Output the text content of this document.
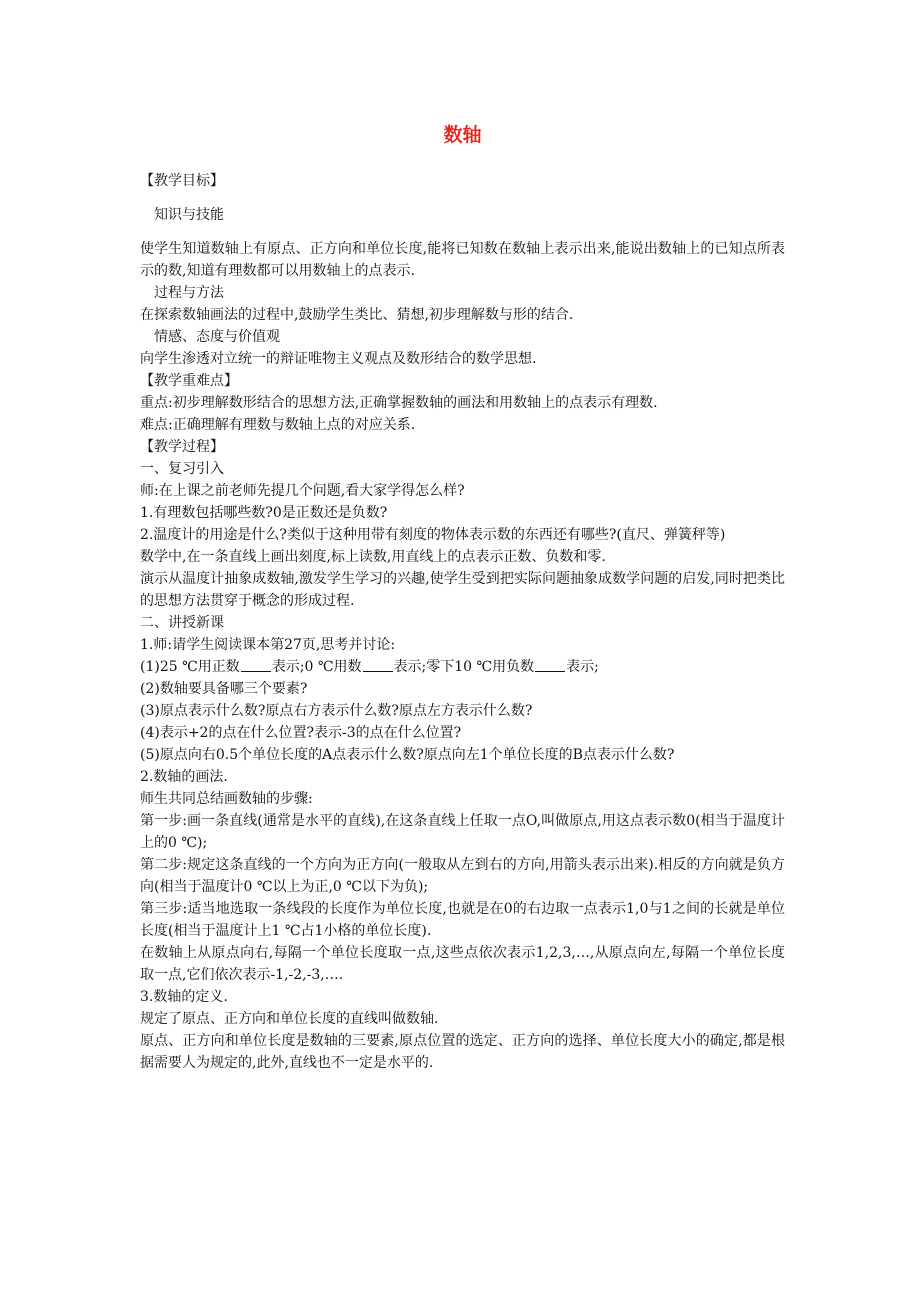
数轴
【教学目标】
知识与技能
使学生知道数轴上有原点、正方向和单位长度,能将已知数在数轴上表示出来,能说出数轴上的已知点所表示的数,知道有理数都可以用数轴上的点表示.
过程与方法
在探索数轴画法的过程中,鼓励学生类比、猜想,初步理解数与形的结合.
情感、态度与价值观
向学生渗透对立统一的辩证唯物主义观点及数形结合的数学思想.
【教学重难点】
重点:初步理解数形结合的思想方法,正确掌握数轴的画法和用数轴上的点表示有理数.
难点:正确理解有理数与数轴上点的对应关系.
【教学过程】
一、复习引入
师:在上课之前老师先提几个问题,看大家学得怎么样?
1.有理数包括哪些数?0是正数还是负数?
2.温度计的用途是什么?类似于这种用带有刻度的物体表示数的东西还有哪些?(直尺、弹簧秤等)
数学中,在一条直线上画出刻度,标上读数,用直线上的点表示正数、负数和零.
演示从温度计抽象成数轴,激发学生学习的兴趣,使学生受到把实际问题抽象成数学问题的启发,同时把类比的思想方法贯穿于概念的形成过程.
二、讲授新课
1.师:请学生阅读课本第27页,思考并讨论:
(1)25 ℃用正数 表示;0 ℃用数 表示;零下10 ℃用负数 表示;
(2)数轴要具备哪三个要素?
(3)原点表示什么数?原点右方表示什么数?原点左方表示什么数?
(4)表示+2的点在什么位置?表示-3的点在什么位置?
(5)原点向右0.5个单位长度的A点表示什么数?原点向左1个单位长度的B点表示什么数?
2.数轴的画法.
师生共同总结画数轴的步骤:
第一步:画一条直线(通常是水平的直线),在这条直线上任取一点O,叫做原点,用这点表示数0(相当于温度计上的0 ℃);
第二步:规定这条直线的一个方向为正方向(一般取从左到右的方向,用箭头表示出来).相反的方向就是负方向(相当于温度计0 ℃以上为正,0 ℃以下为负);
第三步:适当地选取一条线段的长度作为单位长度,也就是在0的右边取一点表示1,0与1之间的长就是单位长度(相当于温度计上1 ℃占1小格的单位长度).
在数轴上从原点向右,每隔一个单位长度取一点,这些点依次表示1,2,3,…,从原点向左,每隔一个单位长度取一点,它们依次表示-1,-2,-3,….
3.数轴的定义.
规定了原点、正方向和单位长度的直线叫做数轴.
原点、正方向和单位长度是数轴的三要素,原点位置的选定、正方向的选择、单位长度大小的确定,都是根据需要人为规定的,此外,直线也不一定是水平的.
